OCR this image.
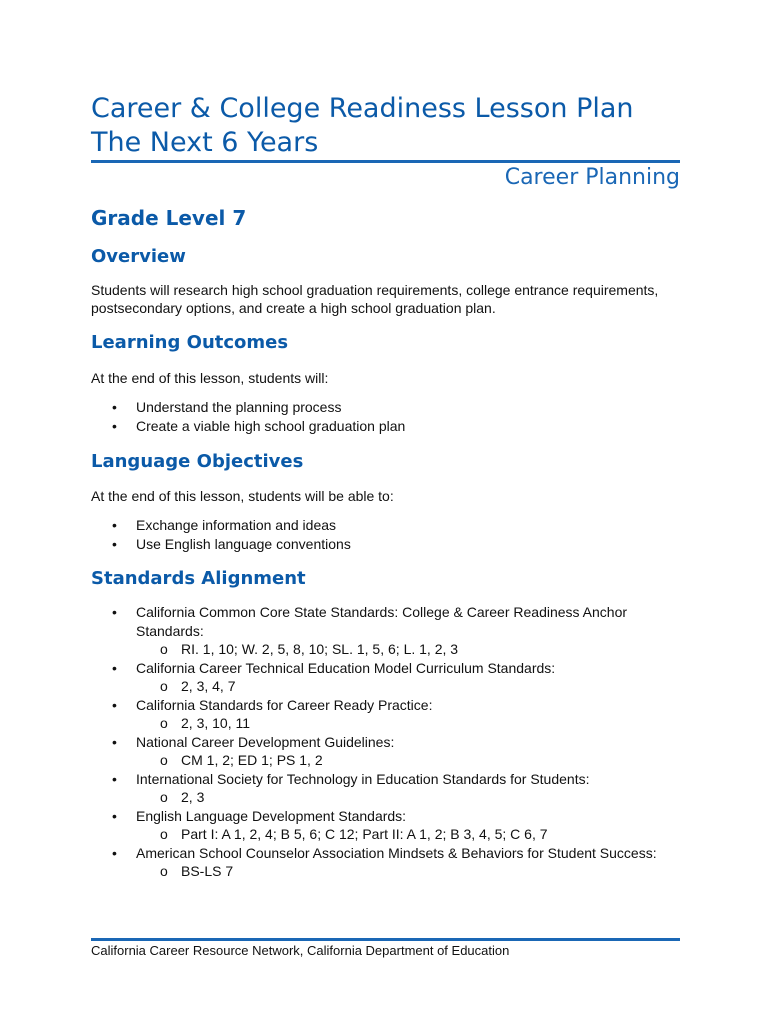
Career & College Readiness Lesson Plan
The Next 6 Years
Career Planning
Grade Level 7
Overview
Students will research high school graduation requirements, college entrance requirements, postsecondary options, and create a high school graduation plan.
Learning Outcomes
At the end of this lesson, students will:
• Understand the planning process
• Create a viable high school graduation plan
Language Objectives
At the end of this lesson, students will be able to:
• Exchange information and ideas
• Use English language conventions
Standards Alignment
• California Common Core State Standards: College & Career Readiness Anchor Standards:
o RI. 1, 10; W. 2, 5, 8, 10; SL. 1, 5, 6; L. 1, 2, 3
• California Career Technical Education Model Curriculum Standards:
o 2, 3, 4, 7
• California Standards for Career Ready Practice:
o 2, 3, 10, 11
• National Career Development Guidelines:
o CM 1, 2; ED 1; PS 1, 2
• International Society for Technology in Education Standards for Students:
o 2, 3
• English Language Development Standards:
o Part I: A 1, 2, 4; B 5, 6; C 12; Part II: A 1, 2; B 3, 4, 5; C 6, 7
• American School Counselor Association Mindsets & Behaviors for Student Success:
o BS-LS 7
California Career Resource Network, California Department of Education
